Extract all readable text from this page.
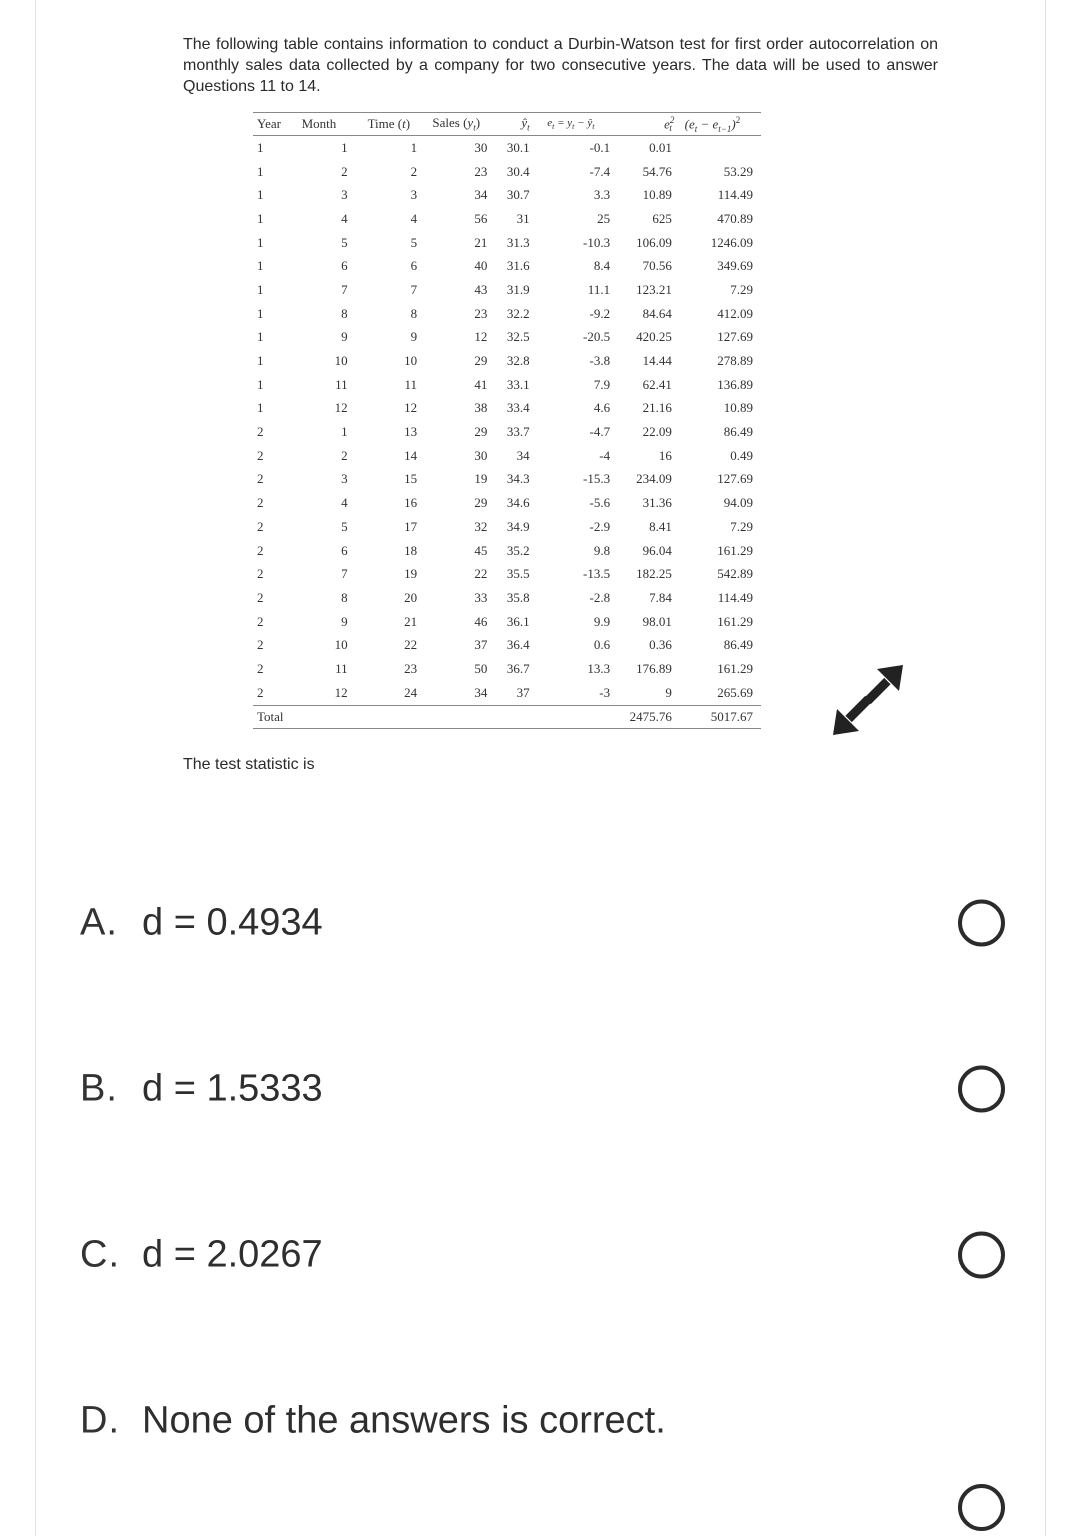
The following table contains information to conduct a Durbin-Watson test for first order autocorrelation on monthly sales data collected by a company for two consecutive years. The data will be used to answer Questions 11 to 14.

Year	Month	Time (t)	Sales $(y_t)$	$ŷ_t$	$e_t = y_t$ − $ŷ_t$	$e^2_t$	$(e_t - e_{t-1})^2$
1	1	1	30	30.1	-0.1	0.01	
1	2	2	23	30.4	-7.4	54.76	53.29
1	3	3	34	30.7	3.3	10.89	114.49
1	4	4	56	31	25	625	470.89
1	5	5	21	31.3	-10.3	106.09	1246.09
1	6	6	40	31.6	8.4	70.56	349.69
1	7	7	43	31.9	11.1	123.21	7.29
1	8	8	23	32.2	-9.2	84.64	412.09
1	9	9	12	32.5	-20.5	420.25	127.69
1	10	10	29	32.8	-3.8	14.44	278.89
1	11	11	41	33.1	7.9	62.41	136.89
1	12	12	38	33.4	4.6	21.16	10.89
2	1	13	29	33.7	-4.7	22.09	86.49
2	2	14	30	34	-4	16	0.49
2	3	15	19	34.3	-15.3	234.09	127.69
2	4	16	29	34.6	-5.6	31.36	94.09
2	5	17	32	34.9	-2.9	8.41	7.29
2	6	18	45	35.2	9.8	96.04	161.29
2	7	19	22	35.5	-13.5	182.25	542.89
2	8	20	33	35.8	-2.8	7.84	114.49
2	9	21	46	36.1	9.9	98.01	161.29
2	10	22	37	36.4	0.6	0.36	86.49
2	11	23	50	36.7	13.3	176.89	161.29
2	12	24	34	37	-3	9	265.69
Total						2475.76	5017.67
The test statistic is
A. d = 0.4934
B. d = 1.5333
C. d = 2.0267
D. None of the answers is correct.
